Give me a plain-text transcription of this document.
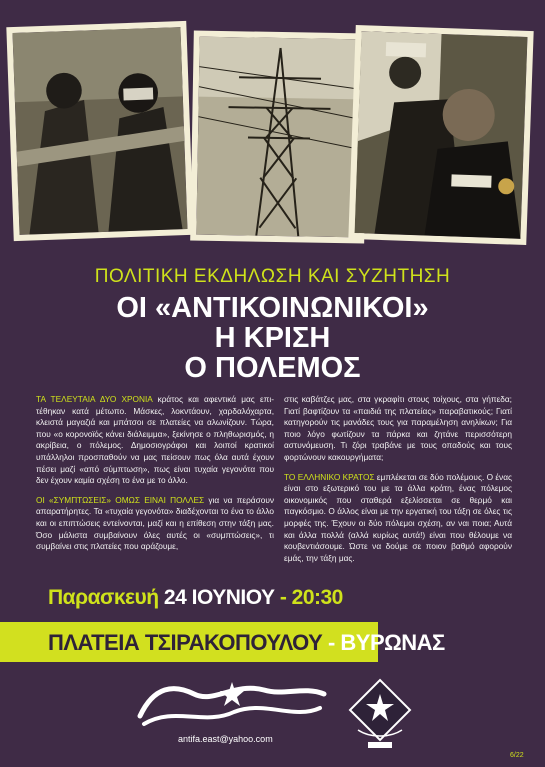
ΠΟΛΙΤΙΚΗ ΕΚΔΗΛΩΣΗ ΚΑΙ ΣΥΖΗΤΗΣΗ
ΟΙ «ΑΝΤΙΚΟΙΝΩΝΙΚΟΙ»
Η ΚΡΙΣΗ
Ο ΠΟΛΕΜΟΣ

ΤΑ ΤΕΛΕΥΤΑΙΑ ΔΥΟ ΧΡΟΝΙΑ κράτος και αφεντικά μας επι-τέθηκαν κατά μέτωπο. Μάσκες, λοκντάουν, χαρδαλόχαρτα, κλειστά μαγαζιά και μπάτσοι σε πλατείες να αλωνίζουν. Τώρα, που «ο κορονοϊός κάνει διάλειμμα», ξεκίνησε ο πληθωρισμός, η ακρίβεια, ο πόλεμος. Δημοσιογράφοι και λοιποί κρατικοί υπάλληλοι προσπαθούν να μας πείσουν πως όλα αυτά έχουν πέσει μαζί «από σύμπτωση», πως είναι τυχαία γεγονότα που δεν έχουν καμία σχέση το ένα με το άλλο.

ΟΙ «ΣΥΜΠΤΩΣΕΙΣ» ΟΜΩΣ ΕΙΝΑΙ ΠΟΛΛΕΣ για να περάσουν απαρατήρητες. Τα «τυχαία γεγονότα» διαδέχονται το ένα το άλλο και οι επιπτώσεις εντείνονται, μαζί και η επίθεση στην τάξη μας. Όσο μάλιστα συμβαίνουν όλες αυτές οι «συμπτώσεις», τι συμβαίνει στις πλατείες που αράζουμε,

στις καβάτζες μας, στα γκραφίτι στους τοίχους, στα γήπεδα; Γιατί βαφτίζουν τα «παιδιά της πλατείας» παραβατικούς; Γιατί κατηγορούν τις μανάδες τους για παραμέληση ανηλίκων; Για ποιο λόγο φωτίζουν τα πάρκα και ζητάνε περισσότερη αστυνόμευση. Τι ζόρι τραβάνε με τους οπαδούς και τους φορτώνουν κακουργήματα;

ΤΟ ΕΛΛΗΝΙΚΟ ΚΡΑΤΟΣ εμπλέκεται σε δύο πολέμους. Ο ένας είναι στο εξωτερικό του με τα άλλα κράτη, ένας πόλεμος οικονομικός που σταθερά εξελίσσεται σε θερμό και παγκόσμιο. Ο άλλος είναι με την εργατική του τάξη σε όλες τις μορφές της. Έχουν οι δύο πόλεμοι σχέση, αν ναι ποια; Αυτά και άλλα πολλά (αλλά κυρίως αυτά!) είναι που θέλουμε να κουβεντιάσουμε. Ώστε να δούμε σε ποιον βαθμό αφορούν εμάς, την τάξη μας.

Παρασκευή 24 ΙΟΥΝΙΟΥ - 20:30
ΠΛΑΤΕΙΑ ΤΣΙΡΑΚΟΠΟΥΛΟΥ - ΒΥΡΩΝΑΣ
antifa.east@yahoo.com
6/22
